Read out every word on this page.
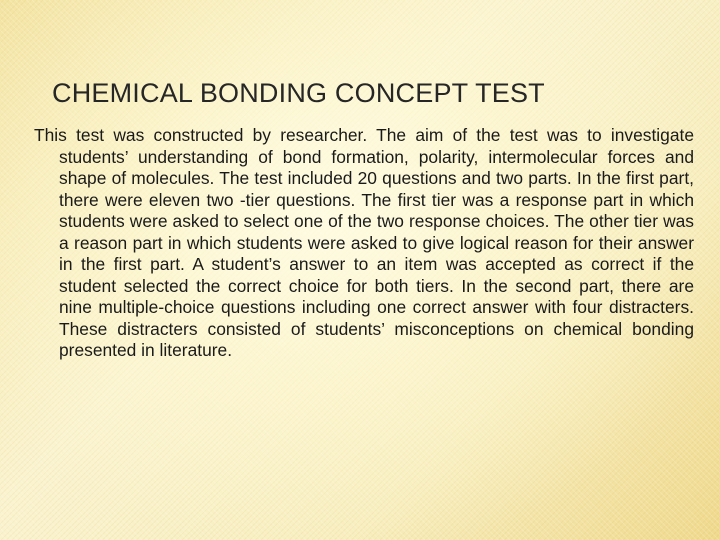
CHEMICAL BONDING CONCEPT TEST

This test was constructed by researcher. The aim of the test was to investigate students’ understanding of bond formation, polarity, intermolecular forces and shape of molecules. The test included 20 questions and two parts. In the first part, there were eleven two -tier questions. The first tier was a response part in which students were asked to select one of the two response choices. The other tier was a reason part in which students were asked to give logical reason for their answer in the first part. A student’s answer to an item was accepted as correct if the student selected the correct choice for both tiers. In the second part, there are nine multiple-choice questions including one correct answer with four distracters. These distracters consisted of students’ misconceptions on chemical bonding presented in literature.
